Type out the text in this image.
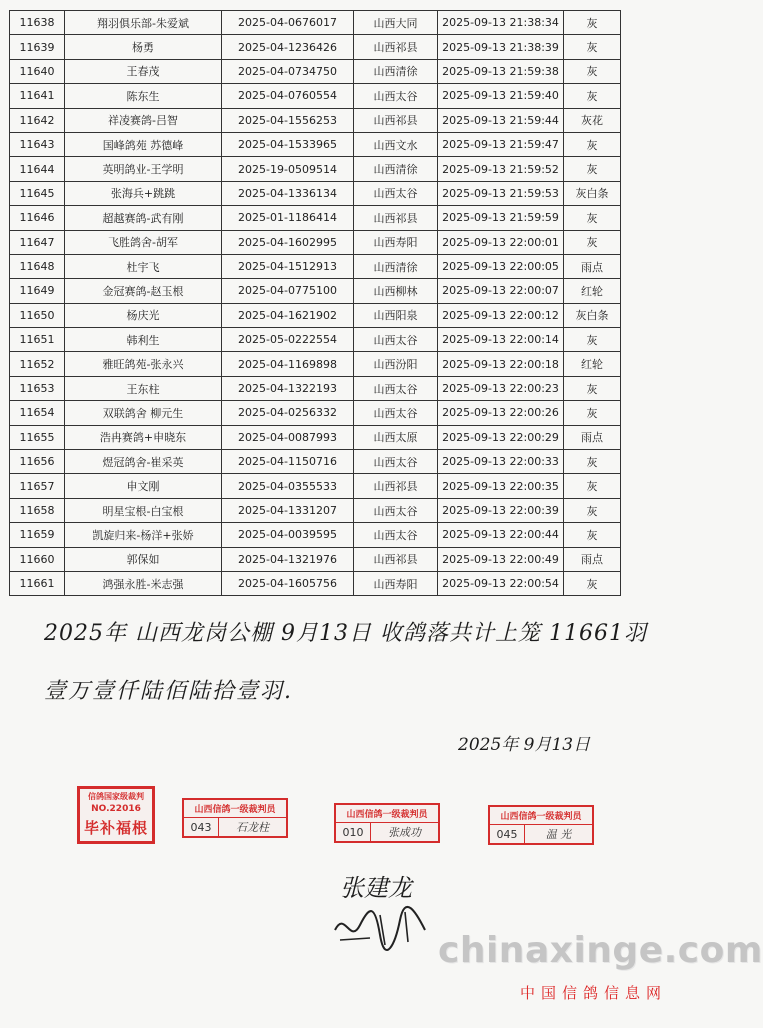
11638	翔羽俱乐部-朱爱斌	2025-04-0676017	山西大同	2025-09-13 21:38:34	灰
11639	杨勇	2025-04-1236426	山西祁县	2025-09-13 21:38:39	灰
11640	王春茂	2025-04-0734750	山西清徐	2025-09-13 21:59:38	灰
11641	陈东生	2025-04-0760554	山西太谷	2025-09-13 21:59:40	灰
11642	祥凌赛鸽-吕智	2025-04-1556253	山西祁县	2025-09-13 21:59:44	灰花
11643	国峰鸽苑 苏德峰	2025-04-1533965	山西文水	2025-09-13 21:59:47	灰
11644	英明鸽业-王学明	2025-19-0509514	山西清徐	2025-09-13 21:59:52	灰
11645	张海兵+跳跳	2025-04-1336134	山西太谷	2025-09-13 21:59:53	灰白条
11646	超越赛鸽-武有刚	2025-01-1186414	山西祁县	2025-09-13 21:59:59	灰
11647	飞胜鸽舍-胡军	2025-04-1602995	山西寿阳	2025-09-13 22:00:01	灰
11648	杜宇飞	2025-04-1512913	山西清徐	2025-09-13 22:00:05	雨点
11649	金冠赛鸽-赵玉根	2025-04-0775100	山西柳林	2025-09-13 22:00:07	红轮
11650	杨庆光	2025-04-1621902	山西阳泉	2025-09-13 22:00:12	灰白条
11651	韩利生	2025-05-0222554	山西太谷	2025-09-13 22:00:14	灰
11652	雅旺鸽苑-张永兴	2025-04-1169898	山西汾阳	2025-09-13 22:00:18	红轮
11653	王东柱	2025-04-1322193	山西太谷	2025-09-13 22:00:23	灰
11654	双联鸽舍 柳元生	2025-04-0256332	山西太谷	2025-09-13 22:00:26	灰
11655	浩冉赛鸽+申晓东	2025-04-0087993	山西太原	2025-09-13 22:00:29	雨点
11656	煜冠鸽舍-崔采英	2025-04-1150716	山西太谷	2025-09-13 22:00:33	灰
11657	申文刚	2025-04-0355533	山西祁县	2025-09-13 22:00:35	灰
11658	明星宝根-白宝根	2025-04-1331207	山西太谷	2025-09-13 22:00:39	灰
11659	凯旋归来-杨洋+张娇	2025-04-0039595	山西太谷	2025-09-13 22:00:44	灰
11660	郭保如	2025-04-1321976	山西祁县	2025-09-13 22:00:49	雨点
11661	鸿强永胜-米志强	2025-04-1605756	山西寿阳	2025-09-13 22:00:54	灰
2025年 山西龙岗公棚 9月13日 收鸽落共计上笼 11661羽
壹万壹仟陆佰陆拾壹羽.
2025年 9月13日
信鸽国家级裁判
NO.22016
毕补福根
山西信鸽一级裁判员
043	石龙柱
山西信鸽一级裁判员
010	张成功
山西信鸽一级裁判员
045	温 光
张建龙
chinaxinge.com
中国信鸽信息网
